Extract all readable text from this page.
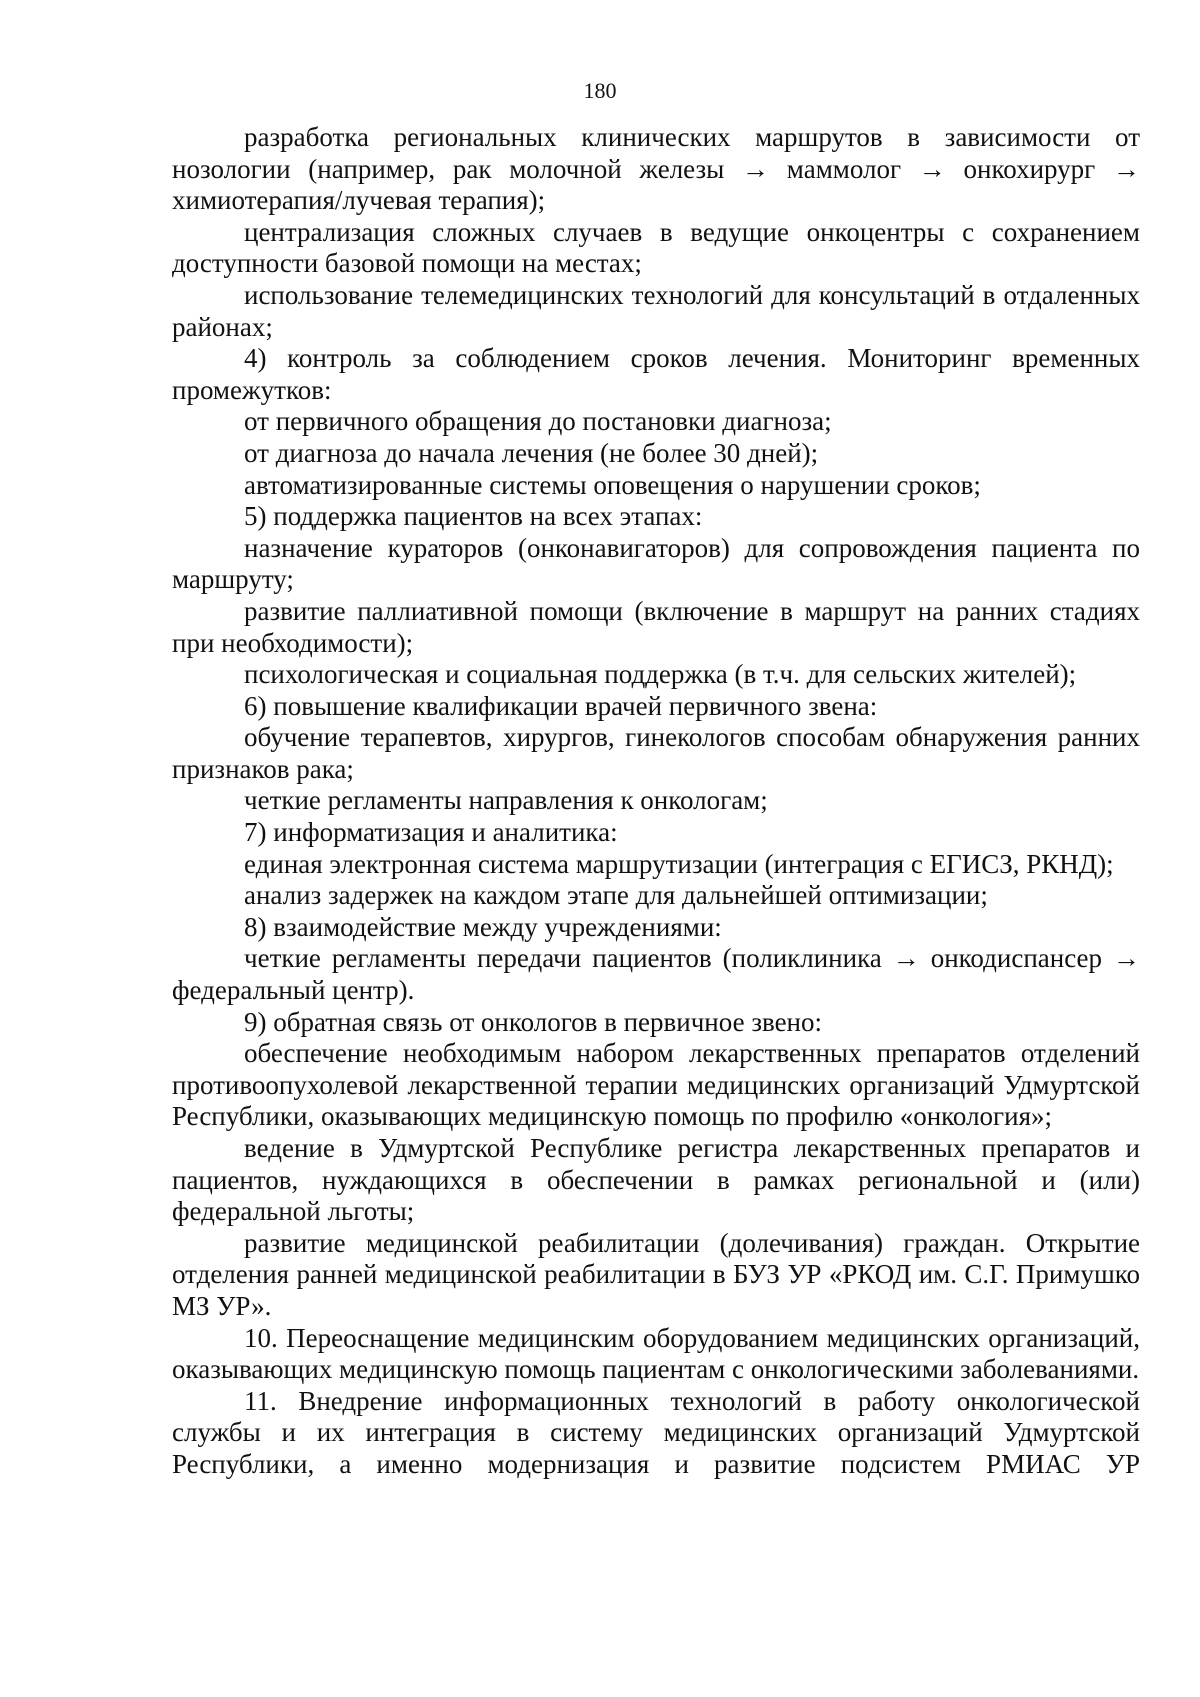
180

разработка региональных клинических маршрутов в зависимости от нозологии (например, рак молочной железы → маммолог → онкохирург → химиотерапия/лучевая терапия);

централизация сложных случаев в ведущие онкоцентры с сохранением доступности базовой помощи на местах;

использование телемедицинских технологий для консультаций в отдаленных районах;

4) контроль за соблюдением сроков лечения. Мониторинг временных промежутков:

от первичного обращения до постановки диагноза;

от диагноза до начала лечения (не более 30 дней);

автоматизированные системы оповещения о нарушении сроков;

5) поддержка пациентов на всех этапах:

назначение кураторов (онконавигаторов) для сопровождения пациента по маршруту;

развитие паллиативной помощи (включение в маршрут на ранних стадиях при необходимости);

психологическая и социальная поддержка (в т.ч. для сельских жителей);

6) повышение квалификации врачей первичного звена:

обучение терапевтов, хирургов, гинекологов способам обнаружения ранних признаков рака;

четкие регламенты направления к онкологам;

7) информатизация и аналитика:

единая электронная система маршрутизации (интеграция с ЕГИСЗ, РКНД);

анализ задержек на каждом этапе для дальнейшей оптимизации;

8) взаимодействие между учреждениями:

четкие регламенты передачи пациентов (поликлиника → онкодиспансер → федеральный центр).

9) обратная связь от онкологов в первичное звено:

обеспечение необходимым набором лекарственных препаратов отделений противоопухолевой лекарственной терапии медицинских организаций Удмуртской Республики, оказывающих медицинскую помощь по профилю «онкология»;

ведение в Удмуртской Республике регистра лекарственных препаратов и пациентов, нуждающихся в обеспечении в рамках региональной и (или) федеральной льготы;

развитие медицинской реабилитации (долечивания) граждан. Открытие отделения ранней медицинской реабилитации в БУЗ УР «РКОД им. С.Г. Примушко МЗ УР».

10. Переоснащение медицинским оборудованием медицинских организаций, оказывающих медицинскую помощь пациентам с онкологическими заболеваниями.

11. Внедрение информационных технологий в работу онкологической службы и их интеграция в систему медицинских организаций Удмуртской Республики, а именно модернизация и развитие подсистем РМИАС УР
